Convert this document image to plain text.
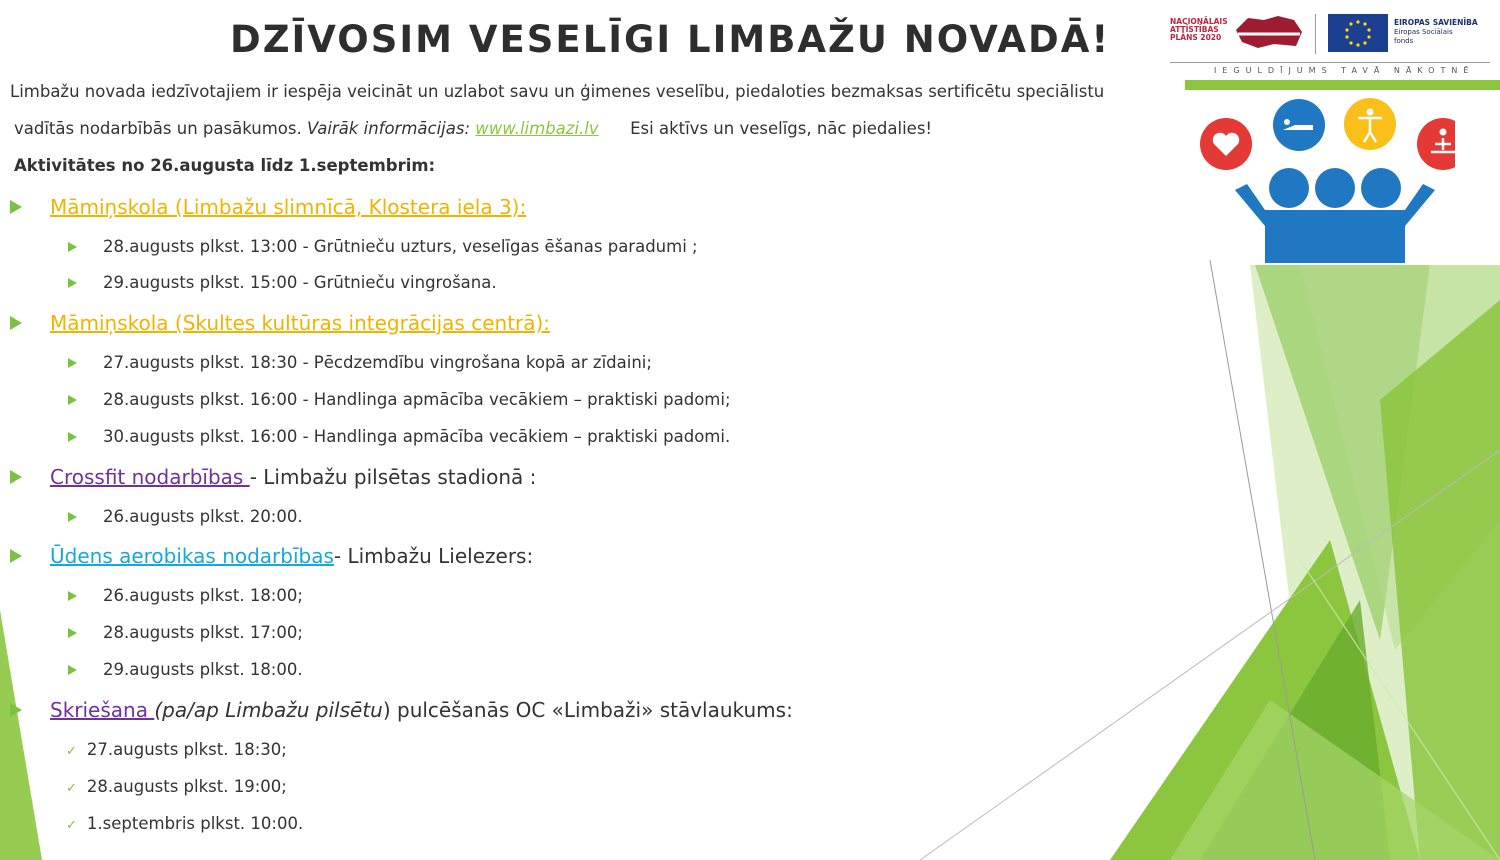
DZĪVOSIM VESELĪGI LIMBAŽU NOVADĀ!
Limbažu novada iedzīvotajiem ir iespēja veicināt un uzlabot savu un ģimenes veselību, piedaloties bezmaksas sertificētu speciālistu
vadītās nodarbībās un pasākumos. Vairāk informācijas: www.limbazi.lv Esi aktīvs un veselīgs, nāc piedalies!
Aktivitātes no 26.augusta līdz 1.septembrim:
Māmiņskola (Limbažu slimnīcā, Klostera iela 3):
28.augusts plkst. 13:00 - Grūtnieču uzturs, veselīgas ēšanas paradumi ;
29.augusts plkst. 15:00 - Grūtnieču vingrošana.
Māmiņskola (Skultes kultūras integrācijas centrā):
27.augusts plkst. 18:30 - Pēcdzemdību vingrošana kopā ar zīdaini;
28.augusts plkst. 16:00 - Handlinga apmācība vecākiem – praktiski padomi;
30.augusts plkst. 16:00 - Handlinga apmācība vecākiem – praktiski padomi.
Crossfit nodarbības - Limbažu pilsētas stadionā :
26.augusts plkst. 20:00.
Ūdens aerobikas nodarbības- Limbažu Lielezers:
26.augusts plkst. 18:00;
28.augusts plkst. 17:00;
29.augusts plkst. 18:00.
Skriešana (pa/ap Limbažu pilsētu) pulcēšanās OC «Limbaži» stāvlaukums:
✓ 27.augusts plkst. 18:30;
✓ 28.augusts plkst. 19:00;
✓ 1.septembris plkst. 10:00.
NACIONĀLAIS
ATTĪSTĪBAS
PLĀNS 2020
EIROPAS SAVIENĪBA
Eiropas Sociālais
fonds
IEGULDĪJUMS TAVĀ NĀKOTNĒ
